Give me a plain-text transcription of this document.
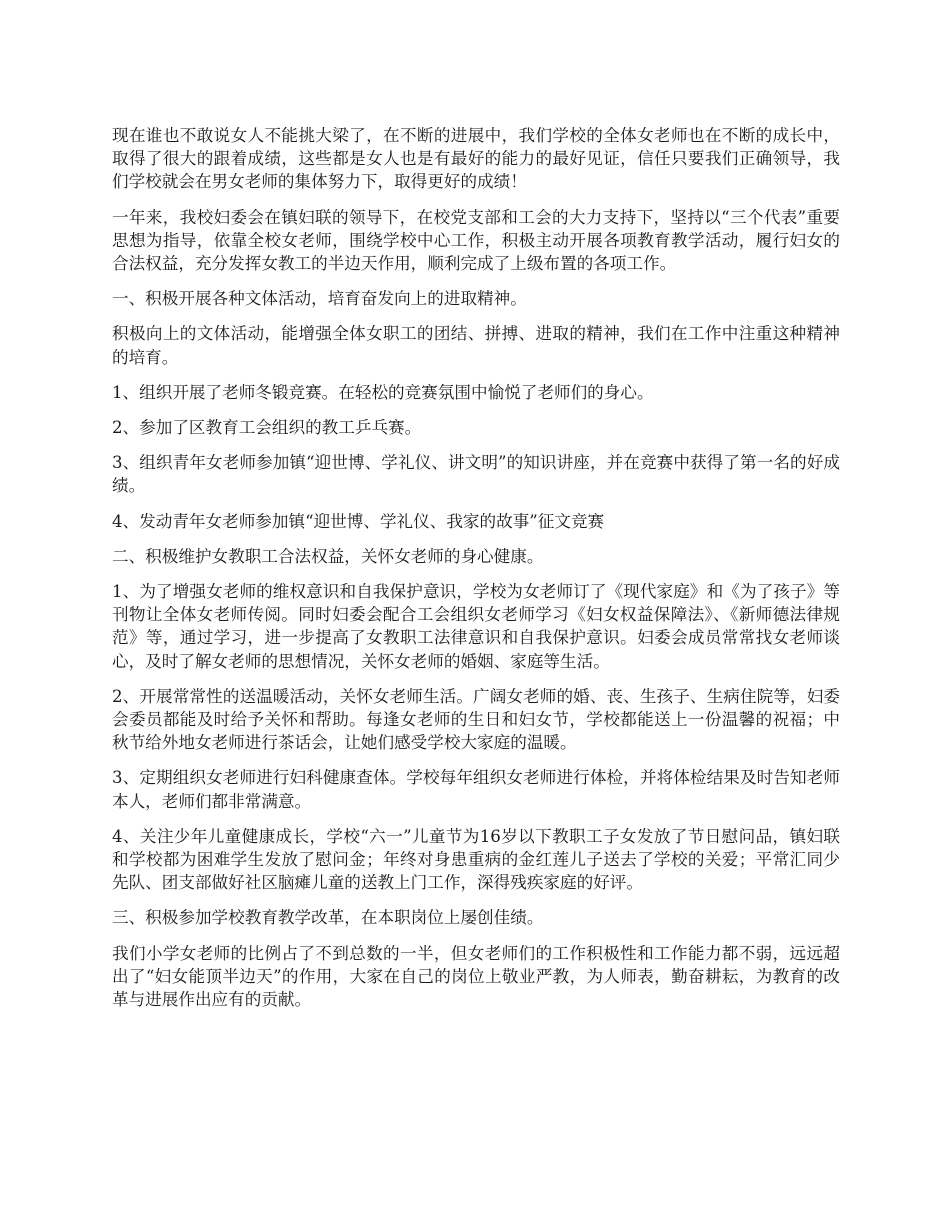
现在谁也不敢说女人不能挑大梁了，在不断的进展中，我们学校的全体女老师也在不断的成长中，取得了很大的跟着成绩，这些都是女人也是有最好的能力的最好见证，信任只要我们正确领导，我们学校就会在男女老师的集体努力下，取得更好的成绩！

一年来，我校妇委会在镇妇联的领导下，在校党支部和工会的大力支持下，坚持以“三个代表”重要思想为指导，依靠全校女老师，围绕学校中心工作，积极主动开展各项教育教学活动，履行妇女的合法权益，充分发挥女教工的半边天作用，顺利完成了上级布置的各项工作。

一、积极开展各种文体活动，培育奋发向上的进取精神。

积极向上的文体活动，能增强全体女职工的团结、拼搏、进取的精神，我们在工作中注重这种精神的培育。

1、组织开展了老师冬锻竞赛。在轻松的竞赛氛围中愉悦了老师们的身心。

2、参加了区教育工会组织的教工乒乓赛。

3、组织青年女老师参加镇“迎世博、学礼仪、讲文明”的知识讲座，并在竞赛中获得了第一名的好成绩。

4、发动青年女老师参加镇“迎世博、学礼仪、我家的故事”征文竞赛

二、积极维护女教职工合法权益，关怀女老师的身心健康。

1、为了增强女老师的维权意识和自我保护意识，学校为女老师订了《现代家庭》和《为了孩子》等刊物让全体女老师传阅。同时妇委会配合工会组织女老师学习《妇女权益保障法》、《新师德法律规范》等，通过学习，进一步提高了女教职工法律意识和自我保护意识。妇委会成员常常找女老师谈心，及时了解女老师的思想情况，关怀女老师的婚姻、家庭等生活。

2、开展常常性的送温暖活动，关怀女老师生活。广阔女老师的婚、丧、生孩子、生病住院等，妇委会委员都能及时给予关怀和帮助。每逢女老师的生日和妇女节，学校都能送上一份温馨的祝福；中秋节给外地女老师进行茶话会，让她们感受学校大家庭的温暖。

3、定期组织女老师进行妇科健康查体。学校每年组织女老师进行体检，并将体检结果及时告知老师本人，老师们都非常满意。

4、关注少年儿童健康成长，学校“六一”儿童节为16岁以下教职工子女发放了节日慰问品，镇妇联和学校都为困难学生发放了慰问金；年终对身患重病的金红莲儿子送去了学校的关爱；平常汇同少先队、团支部做好社区脑瘫儿童的送教上门工作，深得残疾家庭的好评。

三、积极参加学校教育教学改革，在本职岗位上屡创佳绩。

我们小学女老师的比例占了不到总数的一半，但女老师们的工作积极性和工作能力都不弱，远远超出了“妇女能顶半边天”的作用，大家在自己的岗位上敬业严教，为人师表，勤奋耕耘，为教育的改革与进展作出应有的贡献。
